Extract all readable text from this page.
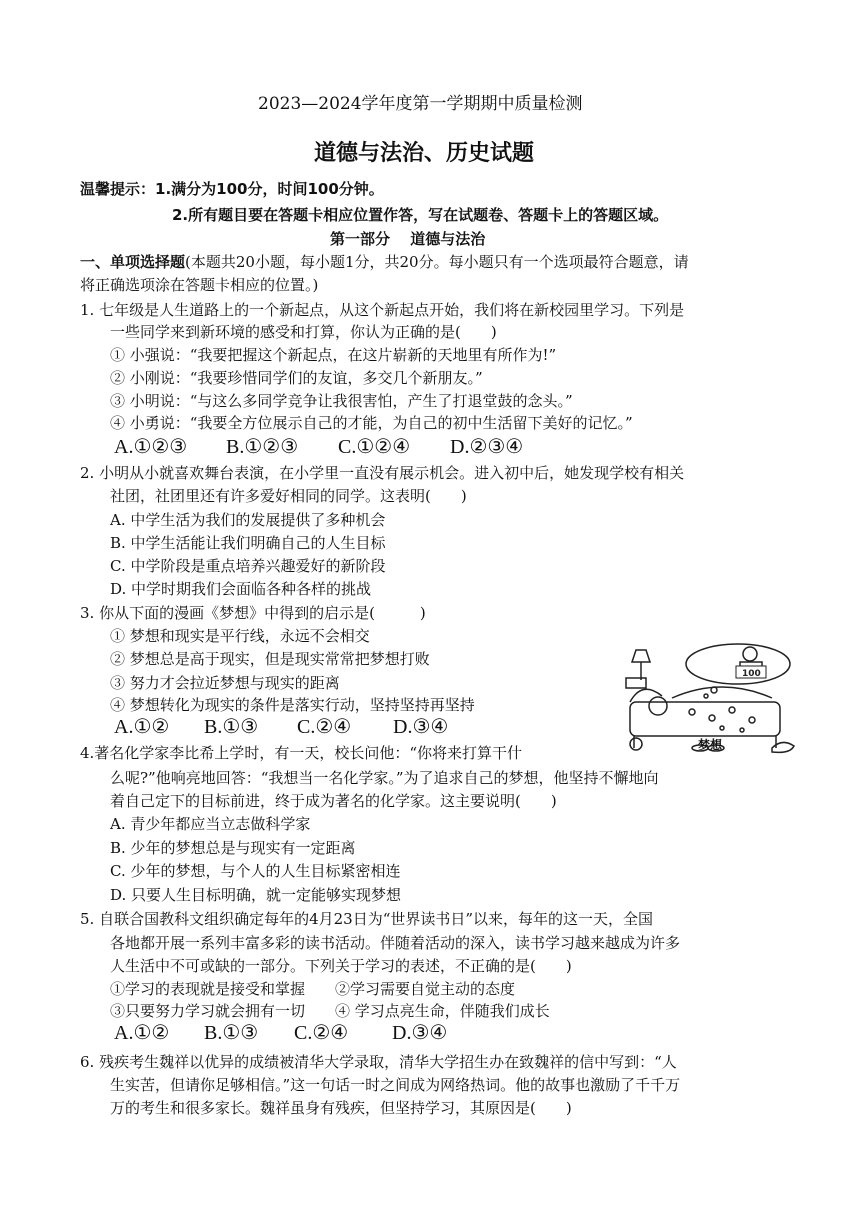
2023—2024学年度第一学期期中质量检测
道德与法治、历史试题
温馨提示：1.满分为100分，时间100分钟。
2.所有题目要在答题卡相应位置作答，写在试题卷、答题卡上的答题区域。
第一部分　 道德与法治
一、单项选择题(本题共20小题，每小题1分，共20分。每小题只有一个选项最符合题意，请
将正确选项涂在答题卡相应的位置。)
1. 七年级是人生道路上的一个新起点，从这个新起点开始，我们将在新校园里学习。下列是
一些同学来到新环境的感受和打算，你认为正确的是(　　)
① 小强说：“我要把握这个新起点，在这片崭新的天地里有所作为!”
② 小刚说：“我要珍惜同学们的友谊，多交几个新朋友。”
③ 小明说：“与这么多同学竞争让我很害怕，产生了打退堂鼓的念头。”
④ 小勇说：“我要全方位展示自己的才能，为自己的初中生活留下美好的记忆。”
A.①②③ B.①②③ C.①②④ D.②③④
2. 小明从小就喜欢舞台表演，在小学里一直没有展示机会。进入初中后，她发现学校有相关
社团，社团里还有许多爱好相同的同学。这表明(　　)
A. 中学生活为我们的发展提供了多种机会
B. 中学生活能让我们明确自己的人生目标
C. 中学阶段是重点培养兴趣爱好的新阶段
D. 中学时期我们会面临各种各样的挑战
3. 你从下面的漫画《梦想》中得到的启示是(　　　)
① 梦想和现实是平行线，永远不会相交
② 梦想总是高于现实，但是现实常常把梦想打败
③ 努力才会拉近梦想与现实的距离
④ 梦想转化为现实的条件是落实行动，坚持坚持再坚持
A.①② B.①③ C.②④ D.③④
100
梦想
4.著名化学家李比希上学时，有一天，校长问他：“你将来打算干什
么呢?”他响亮地回答：“我想当一名化学家。”为了追求自己的梦想，他坚持不懈地向
着自己定下的目标前进，终于成为著名的化学家。这主要说明(　　)
A. 青少年都应当立志做科学家
B. 少年的梦想总是与现实有一定距离
C. 少年的梦想，与个人的人生目标紧密相连
D. 只要人生目标明确，就一定能够实现梦想
5. 自联合国教科文组织确定每年的4月23日为“世界读书日”以来，每年的这一天，全国
各地都开展一系列丰富多彩的读书活动。伴随着活动的深入，读书学习越来越成为许多
人生活中不可或缺的一部分。下列关于学习的表述，不正确的是(　　)
①学习的表现就是接受和掌握　　②学习需要自觉主动的态度
③只要努力学习就会拥有一切　　④ 学习点亮生命，伴随我们成长
A.①② B.①③ C.②④ D.③④
6. 残疾考生魏祥以优异的成绩被清华大学录取，清华大学招生办在致魏祥的信中写到：“人
生实苦，但请你足够相信。”这一句话一时之间成为网络热词。他的故事也激励了千千万
万的考生和很多家长。魏祥虽身有残疾，但坚持学习，其原因是(　　)
